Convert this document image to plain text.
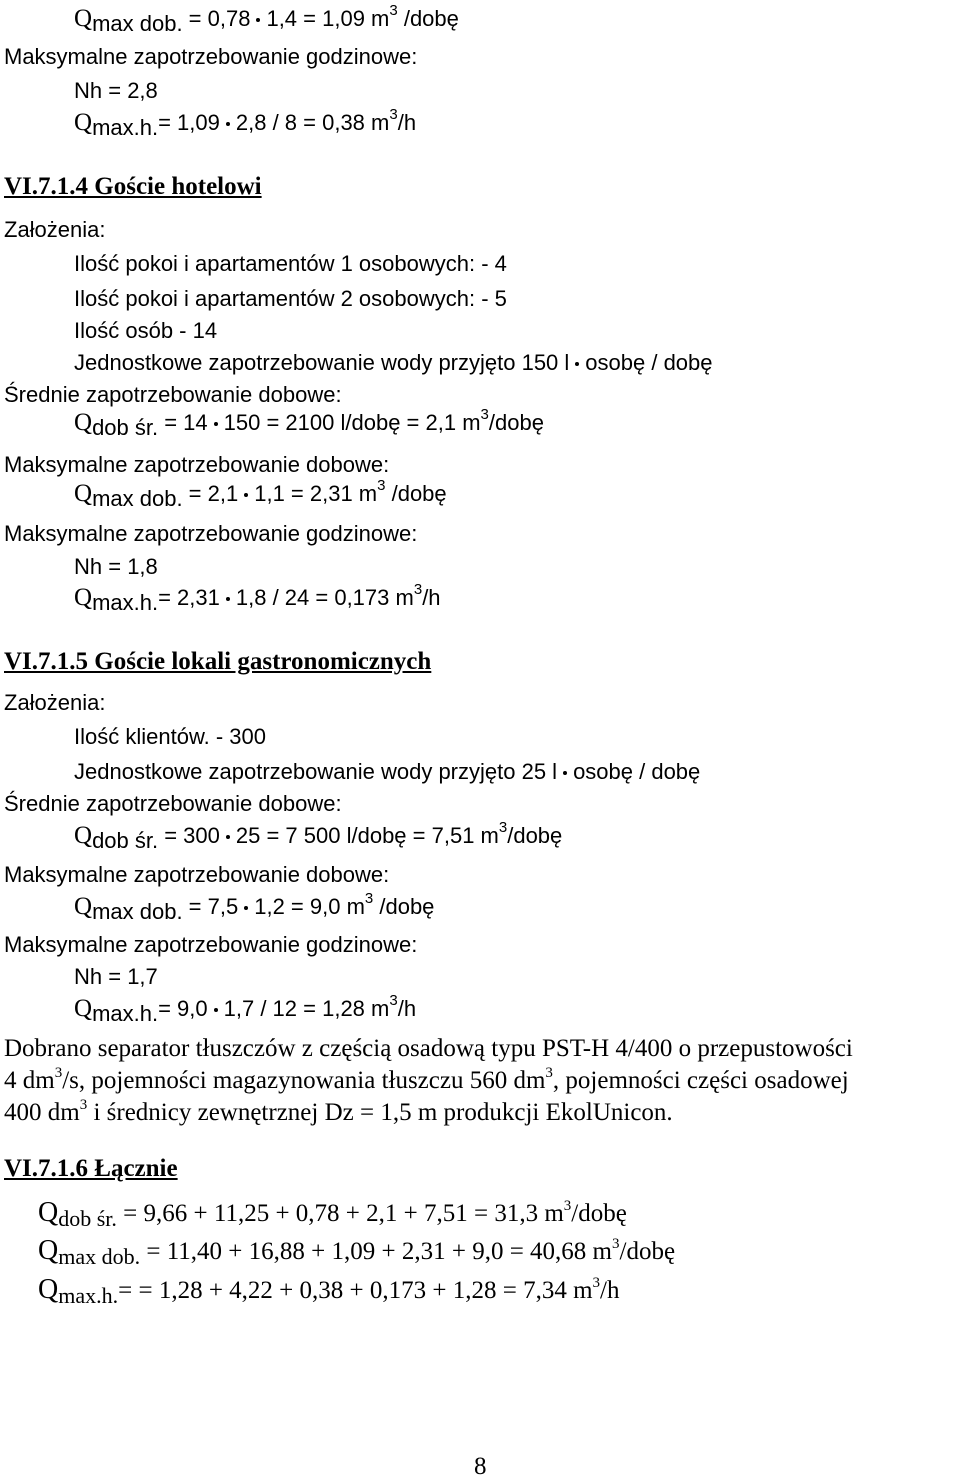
Qmax dob. = 0,78 1,4 = 1,09 $m^3$ /dobę
Maksymalne zapotrzebowanie godzinowe:
Nh = 2,8
Qmax.h.= 1,09 2,8 / 8 = 0,38 $m^3/h$
VI.7.1.4 Goście hotelowi
Założenia:
Ilość pokoi i apartamentów 1 osobowych: - 4
Ilość pokoi i apartamentów 2 osobowych: - 5
Ilość osób - 14
Jednostkowe zapotrzebowanie wody przyjęto 150 l osobę / dobę
Średnie zapotrzebowanie dobowe:
Qdob śr. = 14 150 = 2100 l/dobę = 2,1 $m^3$/dobę
Maksymalne zapotrzebowanie dobowe:
Qmax dob. = 2,1 1,1 = 2,31 $m^3$ /dobę
Maksymalne zapotrzebowanie godzinowe:
Nh = 1,8
Qmax.h.= 2,31 1,8 / 24 = 0,173 $m^3/h$
VI.7.1.5 Goście lokali gastronomicznych
Założenia:
Ilość klientów. - 300
Jednostkowe zapotrzebowanie wody przyjęto 25 l osobę / dobę
Średnie zapotrzebowanie dobowe:
Qdob śr. = 300 25 = 7 500 l/dobę = 7,51 $m^3$/dobę
Maksymalne zapotrzebowanie dobowe:
Qmax dob. = 7,5 1,2 = 9,0 $m^3$ /dobę
Maksymalne zapotrzebowanie godzinowe:
Nh = 1,7
Qmax.h.= 9,0 1,7 / 12 = 1,28 $m^3/h$
Dobrano separator tłuszczów z częścią osadową typu PST-H 4/400 o przepustowości
4 $dm^3/s$, pojemności magazynowania tłuszczu 560 $dm^3$, pojemności części osadowej
400 $dm^3$ i średnicy zewnętrznej Dz = 1,5 m produkcji EkolUnicon.
VI.7.1.6 Łącznie
Qdob śr. = 9,66 + 11,25 + 0,78 + 2,1 + 7,51 = 31,3 $m^3$/dobę
Qmax dob. = 11,40 + 16,88 + 1,09 + 2,31 + 9,0 = 40,68 $m^3$/dobę
Qmax.h.= = 1,28 + 4,22 + 0,38 + 0,173 + 1,28 = 7,34 $m^3/h$
8
